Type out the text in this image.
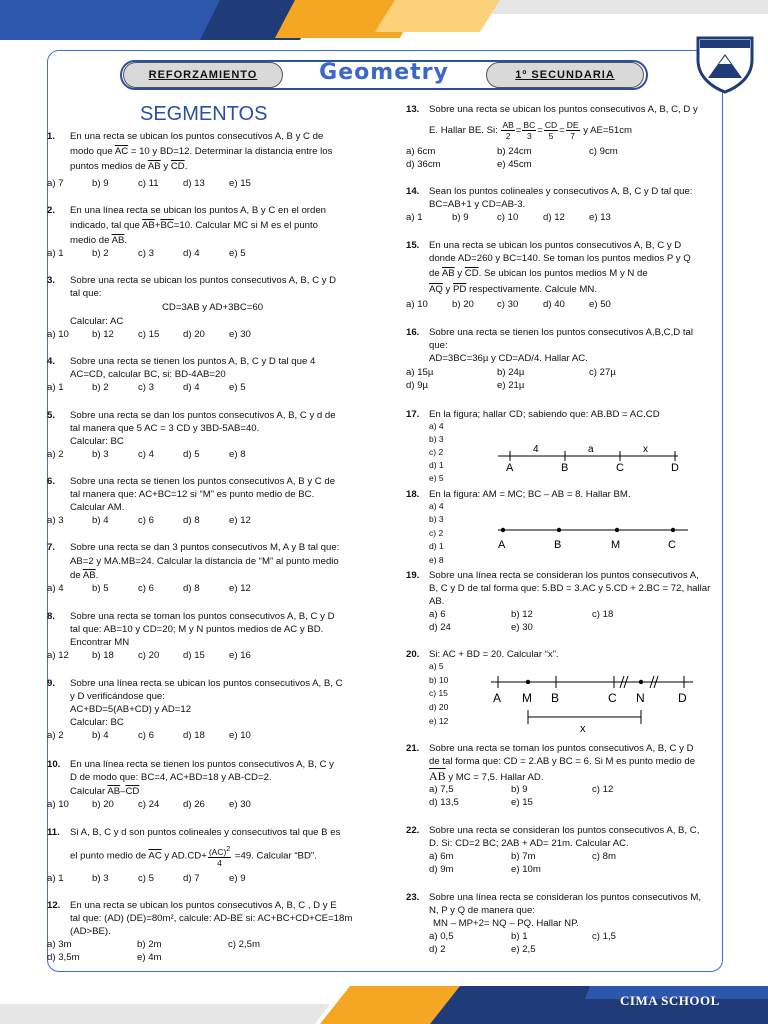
REFORZAMIENTO	Geometry	1º SECUNDARIA
SEGMENTOS
1. En una recta se ubican los puntos consecutivos A, B y C de
modo que $\overline{AC} = 10$ y BD=12. Determinar la distancia entre los
puntos medios de $\overline{AB}$ y $\overline{CD}$.
a) 7	b) 9	c) 11	d) 13	e) 15
2. En una línea recta se ubican los puntos A, B y C en el orden
indicado, tal que $\overline{AB}+\overline{BC}=10$. Calcular MC si M es el punto
medio de $\overline{AB}$.
a) 1	b) 2	c) 3	d) 4	e) 5
3. Sobre una recta se ubican los puntos consecutivos A, B, C y D
tal que:
CD=3AB y AD+3BC=60
Calcular: AC
a) 10 b) 12	c) 15 d) 20	e) 30
4. Sobre una recta se tienen los puntos A, B, C y D tal que 4
AC=CD, calcular BC, si: BD-4AB=20
a) 1	b) 2	c) 3	d) 4	e) 5
5. Sobre una recta se dan los puntos consecutivos A, B, C y d de
tal manera que 5 AC = 3 CD y 3BD-5AB=40.
Calcular: BC
a) 2	b) 3	c) 4	d) 5	e) 8
6. Sobre una recta se tienen los puntos consecutivos A, B y C de
tal manera que: AC+BC=12 si “M” es punto medio de BC.
Calcular AM.
a) 3	b) 4	c) 6	d) 8	e) 12
7. Sobre una recta se dan 3 puntos consecutivos M, A y B tal que:
AB=2 y MA.MB=24. Calcular la distancia de “M” al punto medio
de $\overline{AB}$.
a) 4	b) 5	c) 6	d) 8	e) 12
8. Sobre una recta se toman los puntos consecutivos A, B, C y D
tal que: AB=10 y CD=20; M y N puntos medios de AC y BD.
Encontrar MN
a) 12 b) 18	c) 20 d) 15	e) 16
9. Sobre una línea recta se ubican los puntos consecutivos A, B, C
y D verificándose que:
AC+BD=5(AB+CD) y AD=12
Calcular: BC
a) 2	b) 4	c) 6	d) 18	e) 10
10. En una línea recta se tienen los puntos consecutivos A, B, C y
D de modo que: BC=4, AC+BD=18 y AB-CD=2.
Calcular $\overline{AB}-\overline{CD}$
a) 10 b) 20	c) 24 d) 26	e) 30
11. Si A, B, C y d son puntos colineales y consecutivos tal que B es
el punto medio de $\overline{AC}$ y $AD.CD+ \frac{(AC)^2}{4} =49$. Calcular “BD”.
a) 1	b) 3	c) 5	d) 7	e) 9
12. En una recta se ubican los puntos consecutivos A, B, C , D y E
tal que: (AD) (DE)=80m², calcule: AD-BE si: AC+BC+CD+CE=18m
(AD>BE).
a) 3m	b) 2m	c) 2,5m
d) 3,5m	e) 4m
13. Sobre una recta se ubican los puntos consecutivos A, B, C, D y
E. Hallar BE. Si: $\frac{AB}{2} = \frac{BC}{3} = \frac{CD}{5} = \frac{DE}{7}$ y AE=51cm
a) 6cm	b) 24cm	c) 9cm
d) 36cm	e) 45cm
14. Sean los puntos colineales y consecutivos A, B, C y D tal que:
BC=AB+1 y CD=AB-3.
a) 1	b) 9	c) 10	d) 12	e) 13
15. En una recta se ubican los puntos consecutivos A, B, C y D
donde AD=260 y BC=140. Se toman los puntos medios P y Q
de $\overline{AB}$ y $\overline{CD}$. Se ubican los puntos medios M y N de
$\overline{AQ}$ y $\overline{PD}$ respectivamente. Calcule MN.
a) 10	b) 20 c) 30	d) 40	e) 50
16. Sobre una recta se tienen los puntos consecutivos A,B,C,D tal
que:
AD=3BC=36µ y CD=AD/4. Hallar AC.
a) 15µ	b) 24µ	c) 27µ
d) 9µ	e) 21µ
17. En la figura; hallar CD; sabiendo que: AB.BD = AC.CD
a) 4
b) 3
c) 2
d) 1
e) 5
4	a	x
A	B	C	D
18. En la figura: AM = MC; BC – AB = 8. Hallar BM.
a) 4
b) 3
c) 2
d) 1
e) 8
A	B	M	C
19. Sobre una línea recta se consideran los puntos consecutivos A,
B, C y D de tal forma que: 5.BD = 3.AC y 5.CD + 2.BC = 72, hallar
AB.
a) 6	b) 12	c) 18
d) 24	e) 30
20. Si: AC + BD = 20. Calcular “x”.
a) 5
b) 10
c) 15
d) 20
e) 12
A M B	C N	D
x
21. Sobre una recta se toman los puntos consecutivos A, B, C y D
de tal forma que: CD = 2.AB y BC = 6. Si M es punto medio de
$\overline{AB}$ y MC = 7,5. Hallar AD.
a) 7,5	b) 9	c) 12
d) 13,5	e) 15
22. Sobre una recta se consideran los puntos consecutivos A, B, C,
D. Si: CD=2 BC; 2AB + AD= 21m. Calcular AC.
a) 6m	b) 7m	c) 8m
d) 9m	e) 10m
23. Sobre una línea recta se consideran los puntos consecutivos M,
N, P y Q de manera que:
MN – MP+2= NQ – PQ. Hallar NP.
a) 0,5	b) 1	c) 1,5
d) 2	e) 2,5
CIMA SCHOOL
